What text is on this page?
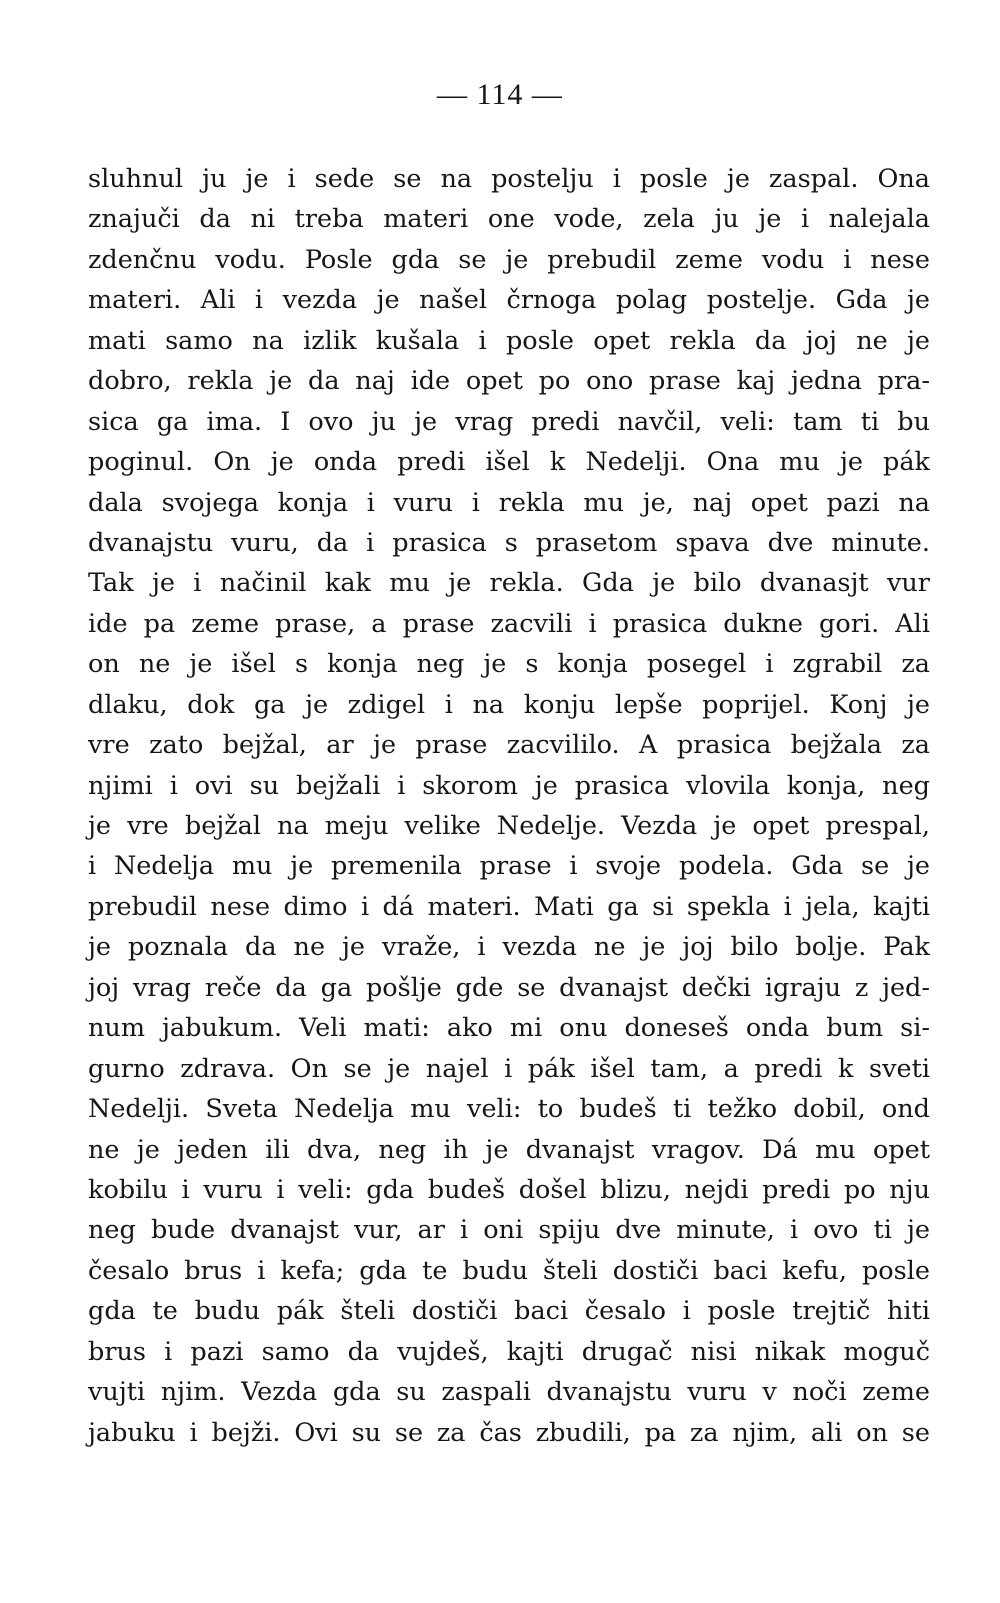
— 114 —
sluhnul ju je i sede se na postelju i posle je zaspal. Ona
znajuči da ni treba materi one vode, zela ju je i nalejala
zdenčnu vodu. Posle gda se je prebudil zeme vodu i nese
materi. Ali i vezda je našel črnoga polag postelje. Gda je
mati samo na izlik kušala i posle opet rekla da joj ne je
dobro, rekla je da naj ide opet po ono prase kaj jedna pra-
sica ga ima. I ovo ju je vrag predi navčil, veli: tam ti bu
poginul. On je onda predi išel k Nedelji. Ona mu je pák
dala svojega konja i vuru i rekla mu je, naj opet pazi na
dvanajstu vuru, da i prasica s prasetom spava dve minute.
Tak je i načinil kak mu je rekla. Gda je bilo dvanasjt vur
ide pa zeme prase, a prase zacvili i prasica dukne gori. Ali
on ne je išel s konja neg je s konja posegel i zgrabil za
dlaku, dok ga je zdigel i na konju lepše poprijel. Konj je
vre zato bejžal, ar je prase zacvililo. A prasica bejžala za
njimi i ovi su bejžali i skorom je prasica vlovila konja, neg
je vre bejžal na meju velike Nedelje. Vezda je opet prespal,
i Nedelja mu je premenila prase i svoje podela. Gda se je
prebudil nese dimo i dá materi. Mati ga si spekla i jela, kajti
je poznala da ne je vraže, i vezda ne je joj bilo bolje. Pak
joj vrag reče da ga pošlje gde se dvanajst dečki igraju z jed-
num jabukum. Veli mati: ako mi onu doneseš onda bum si-
gurno zdrava. On se je najel i pák išel tam, a predi k sveti
Nedelji. Sveta Nedelja mu veli: to budeš ti težko dobil, ond
ne je jeden ili dva, neg ih je dvanajst vragov. Dá mu opet
kobilu i vuru i veli: gda budeš došel blizu, nejdi predi po nju
neg bude dvanajst vur, ar i oni spiju dve minute, i ovo ti je
česalo brus i kefa; gda te budu šteli dostiči baci kefu, posle
gda te budu pák šteli dostiči baci česalo i posle trejtič hiti
brus i pazi samo da vujdeš, kajti drugač nisi nikak moguč
vujti njim. Vezda gda su zaspali dvanajstu vuru v noči zeme
jabuku i bejži. Ovi su se za čas zbudili, pa za njim, ali on se
